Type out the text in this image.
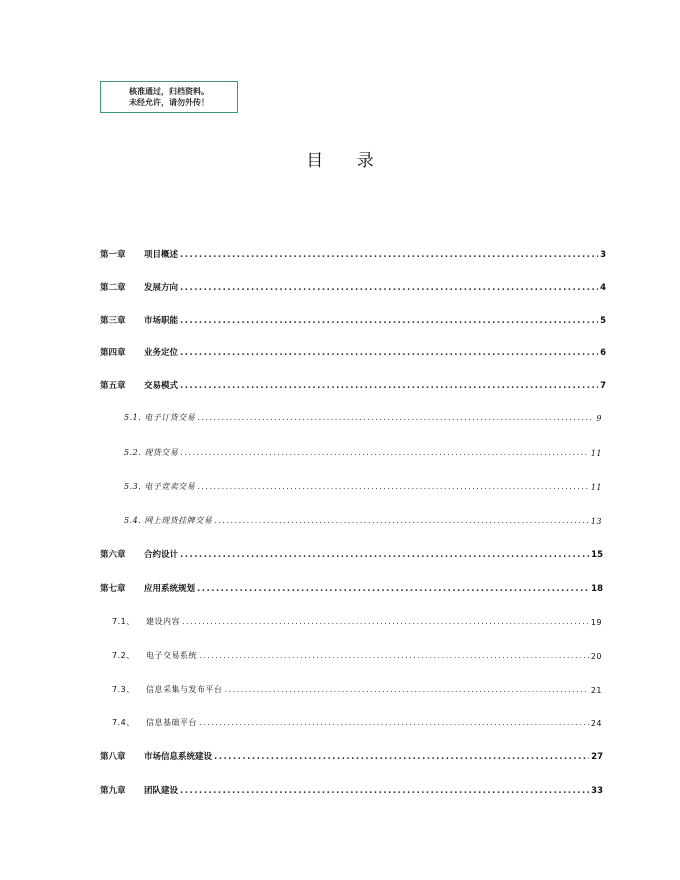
核准通过，归档资料。
未经允许，请勿外传！
目 录
第一章 项目概述 .....	3
第二章 发展方向 .....	4
第三章 市场职能 .....	5
第四章 业务定位 .....	6
第五章 交易模式 .....	7
5.1. 电子订货交易 .....	9
5.2. 现货交易 .....	11
5.3. 电子竞卖交易 .....	11
5.4. 网上现货挂牌交易 .....	13
第六章 合约设计 .....	15
第七章 应用系统规划 .....	18
7.1、 建设内容 .....	19
7.2、 电子交易系统 .....	20
7.3、 信息采集与发布平台 .....	21
7.4、 信息基础平台 .....	24
第八章 市场信息系统建设 .....	27
第九章 团队建设 .....	33
